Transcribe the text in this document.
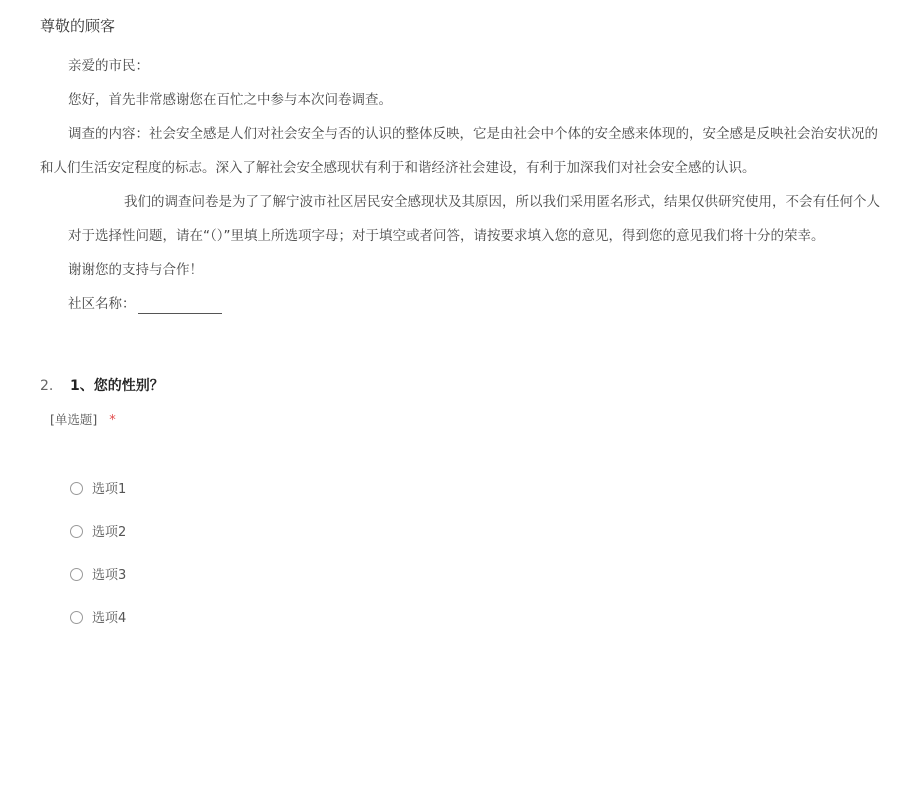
尊敬的顾客
亲爱的市民：
您好，首先非常感谢您在百忙之中参与本次问卷调查。
调查的内容：社会安全感是人们对社会安全与否的认识的整体反映，它是由社会中个体的安全感来体现的，安全感是反映社会治安状况的
和人们生活安定程度的标志。深入了解社会安全感现状有利于和谐经济社会建设，有利于加深我们对社会安全感的认识。
我们的调查问卷是为了了解宁波市社区居民安全感现状及其原因，所以我们采用匿名形式，结果仅供研究使用，不会有任何个人
对于选择性问题，请在“（）”里填上所选项字母；对于填空或者问答，请按要求填入您的意见，得到您的意见我们将十分的荣幸。
谢谢您的支持与合作！
社区名称：
2. 1、您的性别？
[单选题] *
选项1
选项2
选项3
选项4
